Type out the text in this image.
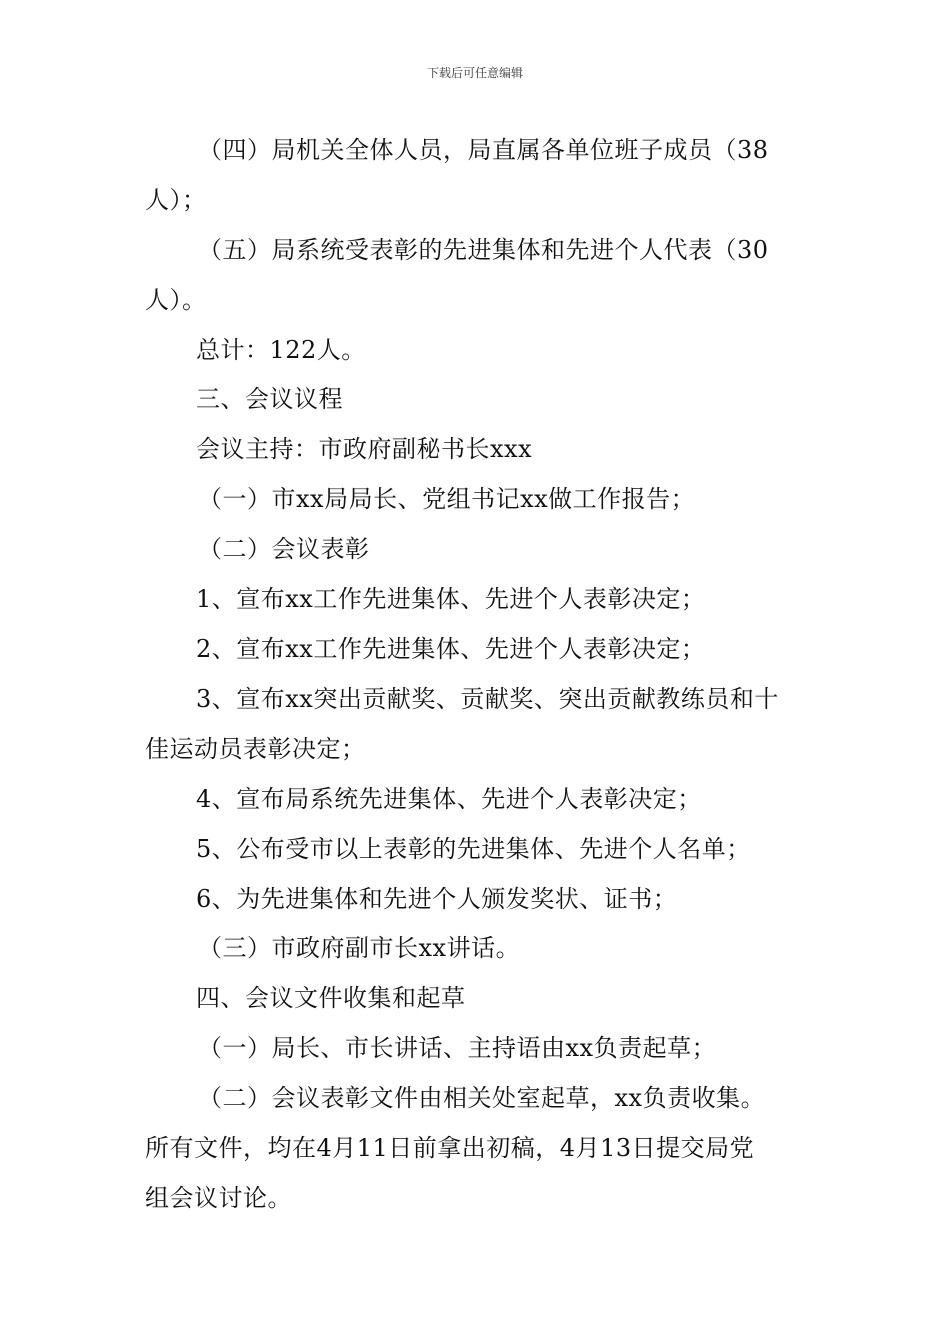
下载后可任意编辑
（四）局机关全体人员，局直属各单位班子成员（38
人）；
（五）局系统受表彰的先进集体和先进个人代表（30
人）。
总计：122人。
三、会议议程
会议主持：市政府副秘书长xxx
（一）市xx局局长、党组书记xx做工作报告；
（二）会议表彰
1、宣布xx工作先进集体、先进个人表彰决定；
2、宣布xx工作先进集体、先进个人表彰决定；
3、宣布xx突出贡献奖、贡献奖、突出贡献教练员和十
佳运动员表彰决定；
4、宣布局系统先进集体、先进个人表彰决定；
5、公布受市以上表彰的先进集体、先进个人名单；
6、为先进集体和先进个人颁发奖状、证书；
（三）市政府副市长xx讲话。
四、会议文件收集和起草
（一）局长、市长讲话、主持语由xx负责起草；
（二）会议表彰文件由相关处室起草，xx负责收集。
所有文件，均在4月11日前拿出初稿，4月13日提交局党
组会议讨论。
